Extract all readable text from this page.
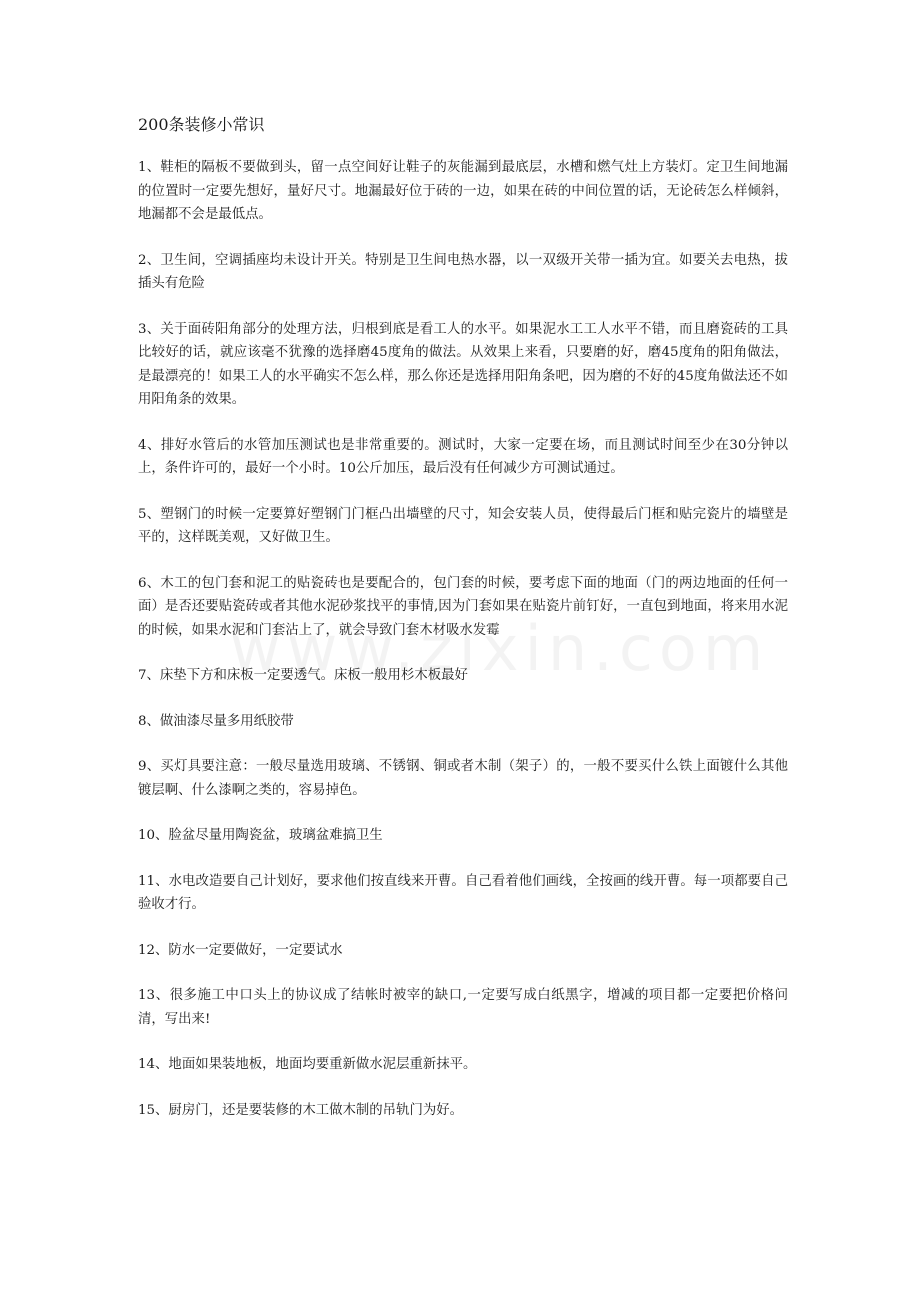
200条装修小常识
1、鞋柜的隔板不要做到头，留一点空间好让鞋子的灰能漏到最底层，水槽和燃气灶上方装灯。定卫生间地漏的位置时一定要先想好，量好尺寸。地漏最好位于砖的一边，如果在砖的中间位置的话，无论砖怎么样倾斜，地漏都不会是最低点。
2、卫生间，空调插座均未设计开关。特别是卫生间电热水器，以一双级开关带一插为宜。如要关去电热，拔插头有危险
3、关于面砖阳角部分的处理方法，归根到底是看工人的水平。如果泥水工工人水平不错，而且磨瓷砖的工具比较好的话，就应该毫不犹豫的选择磨45度角的做法。从效果上来看，只要磨的好，磨45度角的阳角做法，是最漂亮的！如果工人的水平确实不怎么样，那么你还是选择用阳角条吧，因为磨的不好的45度角做法还不如用阳角条的效果。
4、排好水管后的水管加压测试也是非常重要的。测试时，大家一定要在场，而且测试时间至少在30分钟以上，条件许可的，最好一个小时。10公斤加压，最后没有任何减少方可测试通过。
5、塑钢门的时候一定要算好塑钢门门框凸出墙壁的尺寸，知会安装人员，使得最后门框和贴完瓷片的墙壁是平的，这样既美观，又好做卫生。
6、木工的包门套和泥工的贴瓷砖也是要配合的，包门套的时候，要考虑下面的地面（门的两边地面的任何一面）是否还要贴瓷砖或者其他水泥砂浆找平的事情,因为门套如果在贴瓷片前钉好，一直包到地面，将来用水泥的时候，如果水泥和门套沾上了，就会导致门套木材吸水发霉
7、床垫下方和床板一定要透气。床板一般用杉木板最好
8、做油漆尽量多用纸胶带
9、买灯具要注意：一般尽量选用玻璃、不锈钢、铜或者木制（架子）的，一般不要买什么铁上面镀什么其他镀层啊、什么漆啊之类的，容易掉色。
10、脸盆尽量用陶瓷盆，玻璃盆难搞卫生
11、水电改造要自己计划好，要求他们按直线来开曹。自己看着他们画线，全按画的线开曹。每一项都要自己验收才行。
12、防水一定要做好，一定要试水
13、很多施工中口头上的协议成了结帐时被宰的缺口,一定要写成白纸黑字，增减的项目都一定要把价格问清，写出来!
14、地面如果装地板，地面均要重新做水泥层重新抹平。
15、厨房门，还是要装修的木工做木制的吊轨门为好。
